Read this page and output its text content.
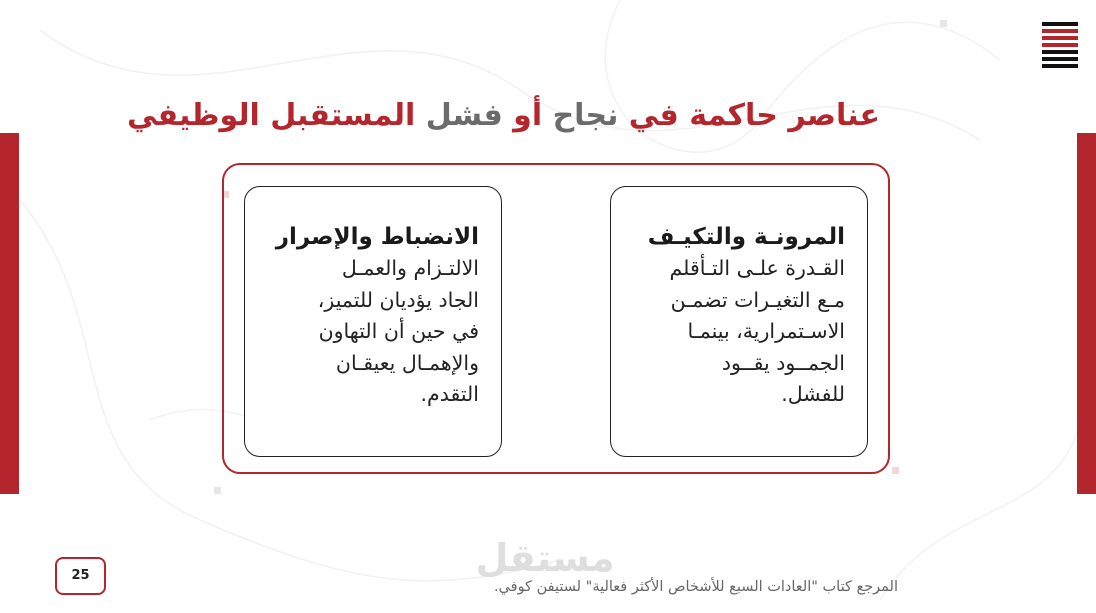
عناصر حاكمة في نجاح أو فشل المستقبل الوظيفي
المرونـة والتكيـف
القـدرة علـى التـأقلم
مـع التغيـرات تضمـن
الاسـتمرارية، بينمـا
الجمــود يقــود
للفشل.
الانضباط والإصرار
الالتـزام والعمـل
الجاد يؤديان للتميز،
في حين أن التهاون
والإهمـال يعيقـان
التقدم.
25	مستقل
المرجع كتاب "العادات السبع للأشخاص الأكثر فعالية" لستيفن كوفي.
